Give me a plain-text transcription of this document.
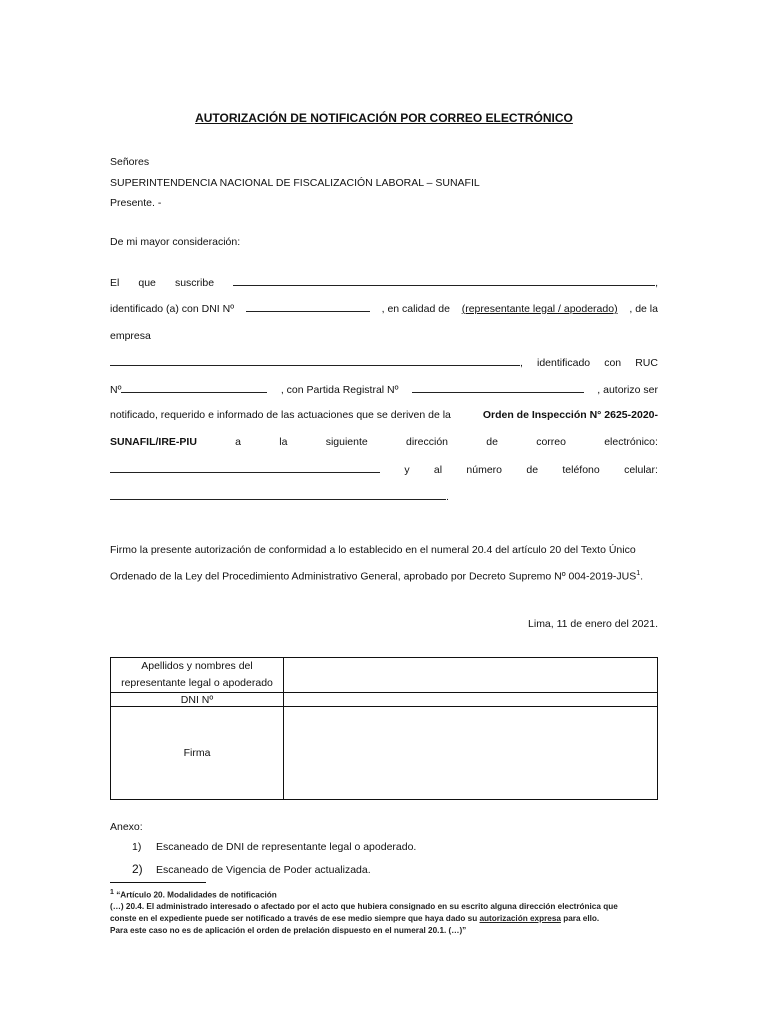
AUTORIZACIÓN DE NOTIFICACIÓN POR CORREO ELECTRÓNICO
Señores
SUPERINTENDENCIA NACIONAL DE FISCALIZACIÓN LABORAL – SUNAFIL
Presente. -
De mi mayor consideración:
El que suscribe	,
identificado (a) con DNI Nº	, en calidad de (representante legal / apoderado) , de la
empresa
, identificado con RUC
Nº	, con Partida Registral Nº	, autorizo ser
notificado, requerido e informado de las actuaciones que se deriven de la	Orden de Inspección N° 2625-2020-
SUNAFIL/IRE-PIU	a	la	siguiente	dirección	de	correo	electrónico:
y al número de teléfono celular:
.
Firmo la presente autorización de conformidad a lo establecido en el numeral 20.4 del artículo 20 del Texto Único
Ordenado de la Ley del Procedimiento Administrativo General, aprobado por Decreto Supremo Nº 004-2019-JUS$^1$.
Lima, 11 de enero del 2021.
Apellidos y nombres del
representante legal o apoderado	

DNI Nº	
Firma	
Anexo:
1) Escaneado de DNI de representante legal o apoderado.
2) Escaneado de Vigencia de Poder actualizada.
$^1$ “Artículo 20. Modalidades de notificación
(…) 20.4. El administrado interesado o afectado por el acto que hubiera consignado en su escrito alguna dirección electrónica que
conste en el expediente puede ser notificado a través de ese medio siempre que haya dado su autorización expresa para ello.
Para este caso no es de aplicación el orden de prelación dispuesto en el numeral 20.1. (…)”
